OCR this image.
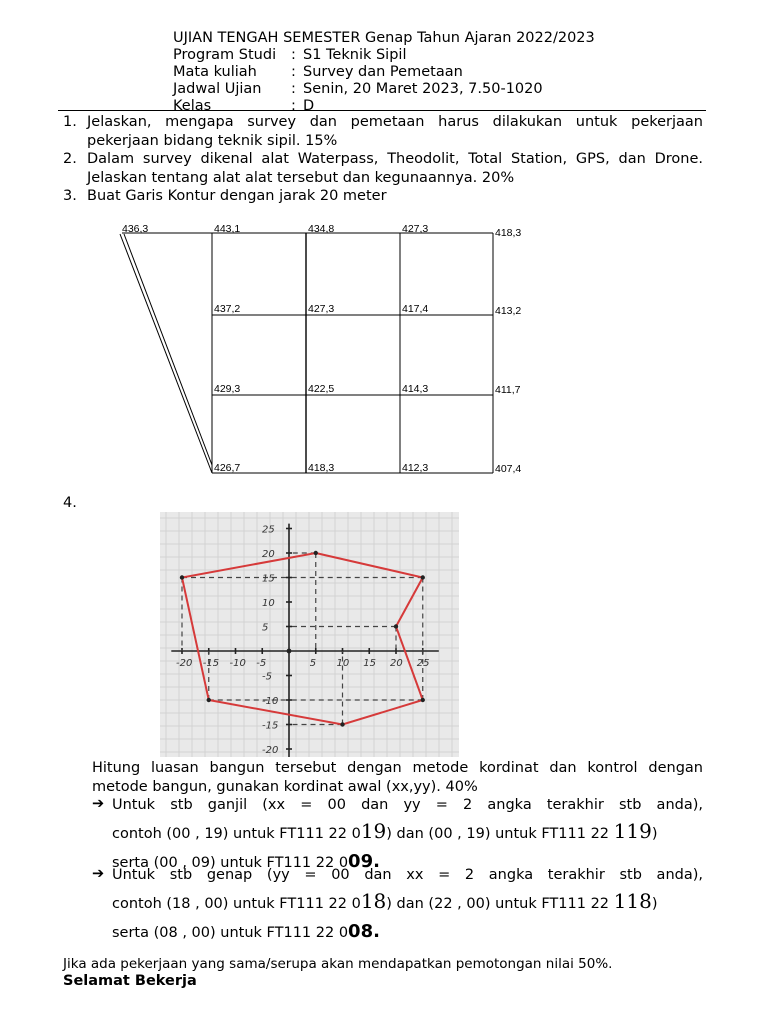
UJIAN TENGAH SEMESTER Genap Tahun Ajaran 2022/2023
Program Studi	: S1 Teknik Sipil
Mata kuliah	: Survey dan Pemetaan
Jadwal Ujian	: Senin, 20 Maret 2023, 7.50-1020
Kelas	: D
1. Jelaskan, mengapa survey dan pemetaan harus dilakukan untuk pekerjaan pekerjaan bidang teknik sipil. 15%
2. Dalam survey dikenal alat Waterpass, Theodolit, Total Station, GPS, dan Drone. Jelaskan tentang alat alat tersebut dan kegunaannya. 20%
3. Buat Garis Kontur dengan jarak 20 meter
436,3	443,1	434,8	427,3	418,3
437,2	427,3	417,4	413,2
429,3	422,5	414,3	411,7
426,7	418,3	412,3	407,4
4.
-20 -15 -10 -5	5 10 15 20 25
25
20
15
10
5
-5
-10
-15
-20
Hitung luasan bangun tersebut dengan metode kordinat dan kontrol dengan metode bangun, gunakan kordinat awal (xx,yy). 40%
➔ Untuk stb ganjil (xx = 00 dan yy = 2 angka terakhir stb anda),
contoh (00 , 19) untuk FT111 22 019) dan (00 , 19) untuk FT111 22 119)
serta (00 , 09) untuk FT111 22 009.
➔ Untuk stb genap (yy = 00 dan xx = 2 angka terakhir stb anda),
contoh (18 , 00) untuk FT111 22 018) dan (22 , 00) untuk FT111 22 118)
serta (08 , 00) untuk FT111 22 008.
Jika ada pekerjaan yang sama/serupa akan mendapatkan pemotongan nilai 50%.
Selamat Bekerja
